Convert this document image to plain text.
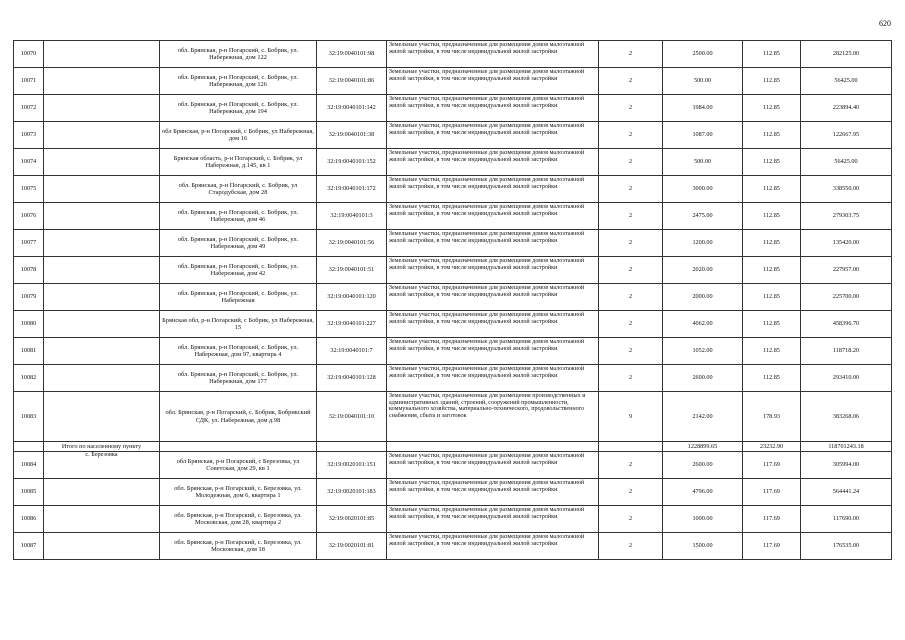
620
10070		обл. Брянская, р-н Погарский, с. Бобрик, ул. Набережная, дом 122	32:19:0040101:98	Земельные участки, предназначенные для размещения домов малоэтажной жилой застройки, в том числе индивидуальной жилой застройки	2	2500.00	112.85	282125.00
10071		обл. Брянская, р-н Погарский, с. Бобрик, ул. Набережная, дом 126	32:19:0040101:86	Земельные участки, предназначенные для размещения домов малоэтажной жилой застройки, в том числе индивидуальной жилой застройки	2	500.00	112.85	56425.00
10072		обл. Брянская, р-н Погарский, с. Бобрик, ул. Набережная, дом 194	32:19:0040101:142	Земельные участки, предназначенные для размещения домов малоэтажной жилой застройки, в том числе индивидуальной жилой застройки	2	1984.00	112.85	223894.40
10073		обл Брянская, р-н Погарский, с Бобрик, ул Набережная, дом 16	32:19:0040101:38	Земельные участки, предназначенные для размещения домов малоэтажной жилой застройки, в том числе индивидуальной жилой застройки	2	1087.00	112.85	122667.95
10074		Брянская область, р-н Погарский, с. Бобрик, ул Набережная, д.145, кв 1	32:19:0040101:152	Земельные участки, предназначенные для размещения домов малоэтажной жилой застройки, в том числе индивидуальной жилой застройки	2	500.00	112.85	56425.00
10075		обл. Брянская, р-н Погарский, с. Бобрик, ул Стародубская, дом 28	32:19:0040101:172	Земельные участки, предназначенные для размещения домов малоэтажной жилой застройки, в том числе индивидуальной жилой застройки	2	3000.00	112.85	338550.00
10076		обл. Брянская, р-н Погарский, с. Бобрик, ул. Набережная, дом 46	32:19:0040101:3	Земельные участки, предназначенные для размещения домов малоэтажной жилой застройки, в том числе индивидуальной жилой застройки	2	2475.00	112.85	279303.75
10077		обл. Брянская, р-н Погарский, с. Бобрик, ул. Набережная, дом 49	32:19:0040101:56	Земельные участки, предназначенные для размещения домов малоэтажной жилой застройки, в том числе индивидуальной жилой застройки	2	1200.00	112.85	135420.00
10078		обл. Брянская, р-н Погарский, с. Бобрик, ул. Набережная, дом 42	32:19:0040101:51	Земельные участки, предназначенные для размещения домов малоэтажной жилой застройки, в том числе индивидуальной жилой застройки	2	2020.00	112.85	227957.00
10079		обл. Брянская, р-н Погарский, с. Бобрик, ул. Набережная	32:19:0040101:120	Земельные участки, предназначенные для размещения домов малоэтажной жилой застройки, в том числе индивидуальной жилой застройки	2	2000.00	112.85	225700.00
10080		Брянская обл, р-н Погарский, с Бобрик, ул Набережная, 15	32:19:0040101:227	Земельные участки, предназначенные для размещения домов малоэтажной жилой застройки, в том числе индивидуальной жилой застройки	2	4062.00	112.85	458396.70
10081		обл. Брянская, р-н Погарский, с. Бобрик, ул. Набережная, дом 97, квартира 4	32:19:0040101:7	Земельные участки, предназначенные для размещения домов малоэтажной жилой застройки, в том числе индивидуальной жилой застройки	2	1052.00	112.85	118718.20
10082		обл. Брянская, р-н Погарский, с. Бобрик, ул. Набережная, дом 177	32:19:0040101:128	Земельные участки, предназначенные для размещения домов малоэтажной жилой застройки, в том числе индивидуальной жилой застройки	2	2600.00	112.85	293410.00
10083		обл. Брянская, р-н Погарский, с. Бобрик, Бобрикский СДК, ул. Набережная, дом д.98	32:19:0040101:10	Земельные участки, предназначенные для размещения производственных и административных зданий, строений, сооружений промышленности, коммунального хозяйства, материально-технического, продовольственного снабжения, сбыта и заготовок	9	2142.00	178.93	383268.06
	Итого по населенному пункту					1228899.65	23232.90	118701243.18
10084	с. Березовка	обл Брянская, р-н Погарский, с Березовка, ул Советская, дом 29, кв 1	32:19:0020101:151	Земельные участки, предназначенные для размещения домов малоэтажной жилой застройки, в том числе индивидуальной жилой застройки	2	2600.00	117.69	305994.00
10085		обл. Брянская, р-н Погарский, с. Березовка, ул. Молодежная, дом 6, квартира 1	32:19:0020101:183	Земельные участки, предназначенные для размещения домов малоэтажной жилой застройки, в том числе индивидуальной жилой застройки	2	4796.00	117.69	564441.24
10086		обл. Брянская, р-н Погарский, с. Березовка, ул. Московская, дом 28, квартира 2	32:19:0020101:85	Земельные участки, предназначенные для размещения домов малоэтажной жилой застройки, в том числе индивидуальной жилой застройки	2	1000.00	117.69	117690.00
10087		обл. Брянская, р-н Погарский, с. Березовка, ул. Московская, дом 18	32:19:0020101:81	Земельные участки, предназначенные для размещения домов малоэтажной жилой застройки, в том числе индивидуальной жилой застройки	2	1500.00	117.69	176535.00
